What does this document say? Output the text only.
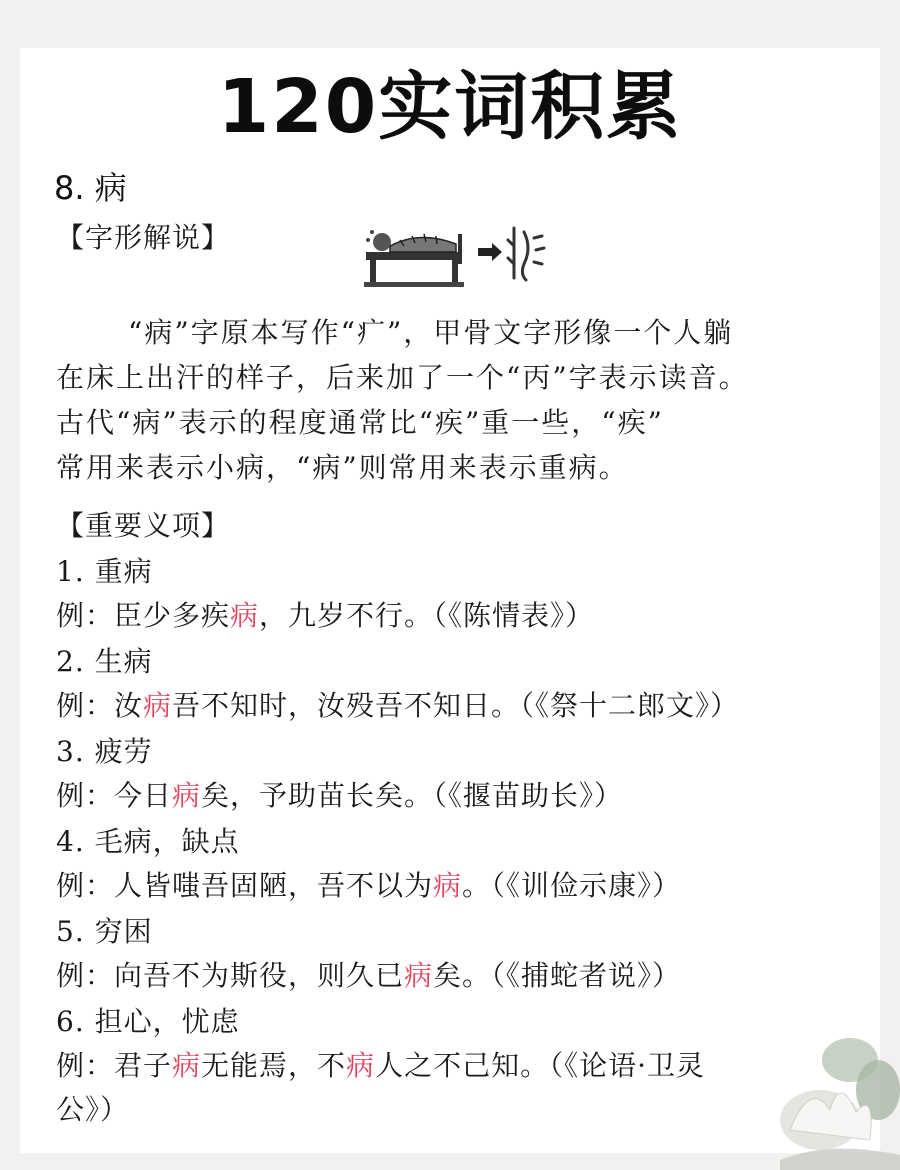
120实词积累
8. 病
【字形解说】

“病”字原本写作“疒”，甲骨文字形像一个人躺

在床上出汗的样子，后来加了一个“丙”字表示读音。

古代“病”表示的程度通常比“疾”重一些，“疾”

常用来表示小病，“病”则常用来表示重病。

【重要义项】
1. 重病
例：臣少多疾病，九岁不行。（《陈情表》）
2. 生病
例：汝病吾不知时，汝殁吾不知日。（《祭十二郎文》）
3. 疲劳
例：今日病矣，予助苗长矣。（《揠苗助长》）
4. 毛病，缺点
例：人皆嗤吾固陋，吾不以为病。（《训俭示康》）
5. 穷困
例：向吾不为斯役，则久已病矣。（《捕蛇者说》）
6. 担心，忧虑
例：君子病无能焉，不病人之不己知。（《论语·卫灵
公》）
